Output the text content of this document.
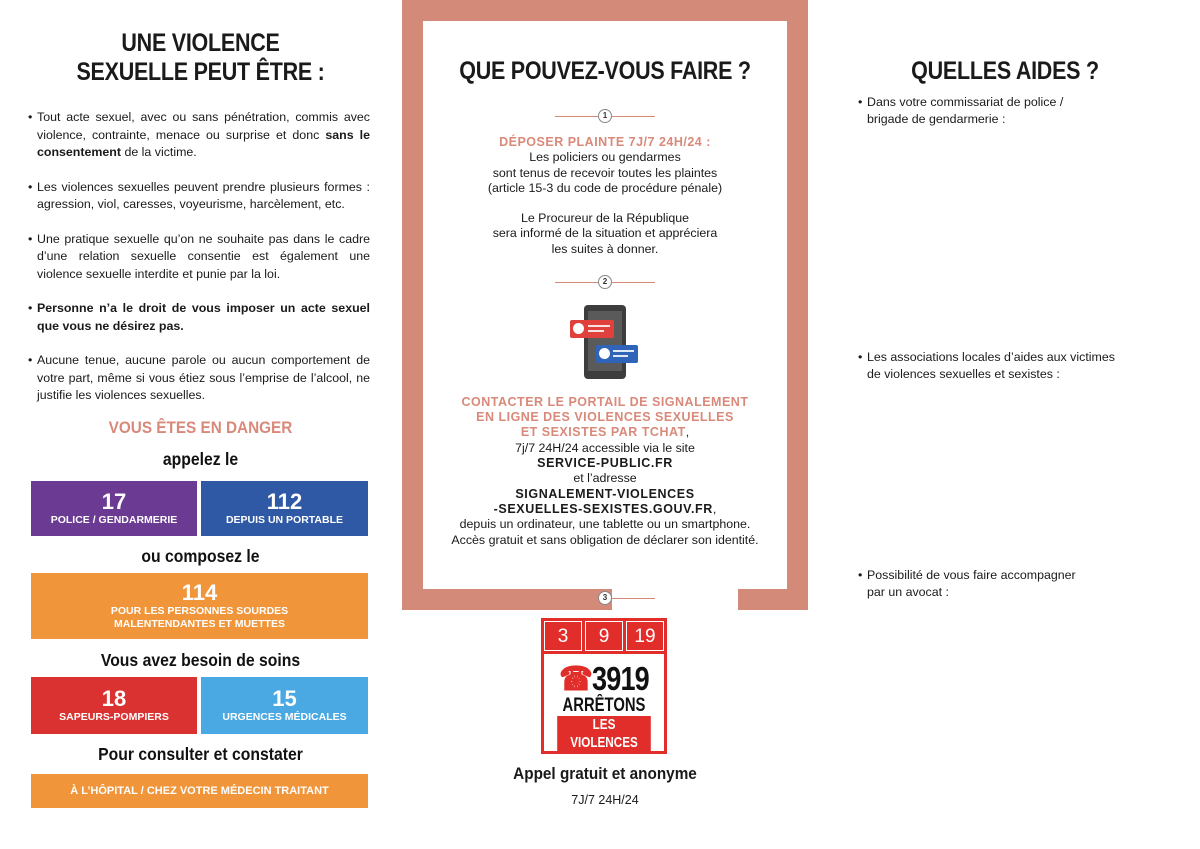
UNE VIOLENCE
SEXUELLE PEUT ÊTRE :
• Tout acte sexuel, avec ou sans pénétration, commis avec violence, contrainte, menace ou surprise et donc sans le consentement de la victime.
• Les violences sexuelles peuvent prendre plusieurs formes : agression, viol, caresses, voyeurisme, harcèlement, etc.
• Une pratique sexuelle qu’on ne souhaite pas dans le cadre d’une relation sexuelle consentie est également une violence sexuelle interdite et punie par la loi.
• Personne n’a le droit de vous imposer un acte sexuel que vous ne désirez pas.
• Aucune tenue, aucune parole ou aucun comportement de votre part, même si vous étiez sous l’emprise de l’alcool, ne justifie les violences sexuelles.
VOUS ÊTES EN DANGER
appelez le
ou composez le
Vous avez besoin de soins
Pour consulter et constater
17
POLICE / GENDARMERIE
112
DEPUIS UN PORTABLE
114
POUR LES PERSONNES SOURDES
MALENTENDANTES ET MUETTES
18
SAPEURS-POMPIERS
15
URGENCES MÉDICALES
À L’HÔPITAL / CHEZ VOTRE MÉDECIN TRAITANT
QUE POUVEZ-VOUS FAIRE ?
1
DÉPOSER PLAINTE 7J/7 24H/24 :
Les policiers ou gendarmes
sont tenus de recevoir toutes les plaintes
(article 15-3 du code de procédure pénale)
Le Procureur de la République
sera informé de la situation et appréciera
les suites à donner.
2
CONTACTER LE PORTAIL DE SIGNALEMENT
EN LIGNE DES VIOLENCES SEXUELLES
ET SEXISTES PAR TCHAT,
7j/7 24H/24 accessible via le site
SERVICE-PUBLIC.FR
et l’adresse
SIGNALEMENT-VIOLENCES
-SEXUELLES-SEXISTES.GOUV.FR,
depuis un ordinateur, une tablette ou un smartphone.
Accès gratuit et sans obligation de déclarer son identité.
3
3	9	19
☎3919
ARRÊTONS
LES VIOLENCES
Appel gratuit et anonyme
7J/7 24H/24
QUELLES AIDES ?
• Dans votre commissariat de police /
brigade de gendarmerie :
• Les associations locales d’aides aux victimes
de violences sexuelles et sexistes :
• Possibilité de vous faire accompagner
par un avocat :
